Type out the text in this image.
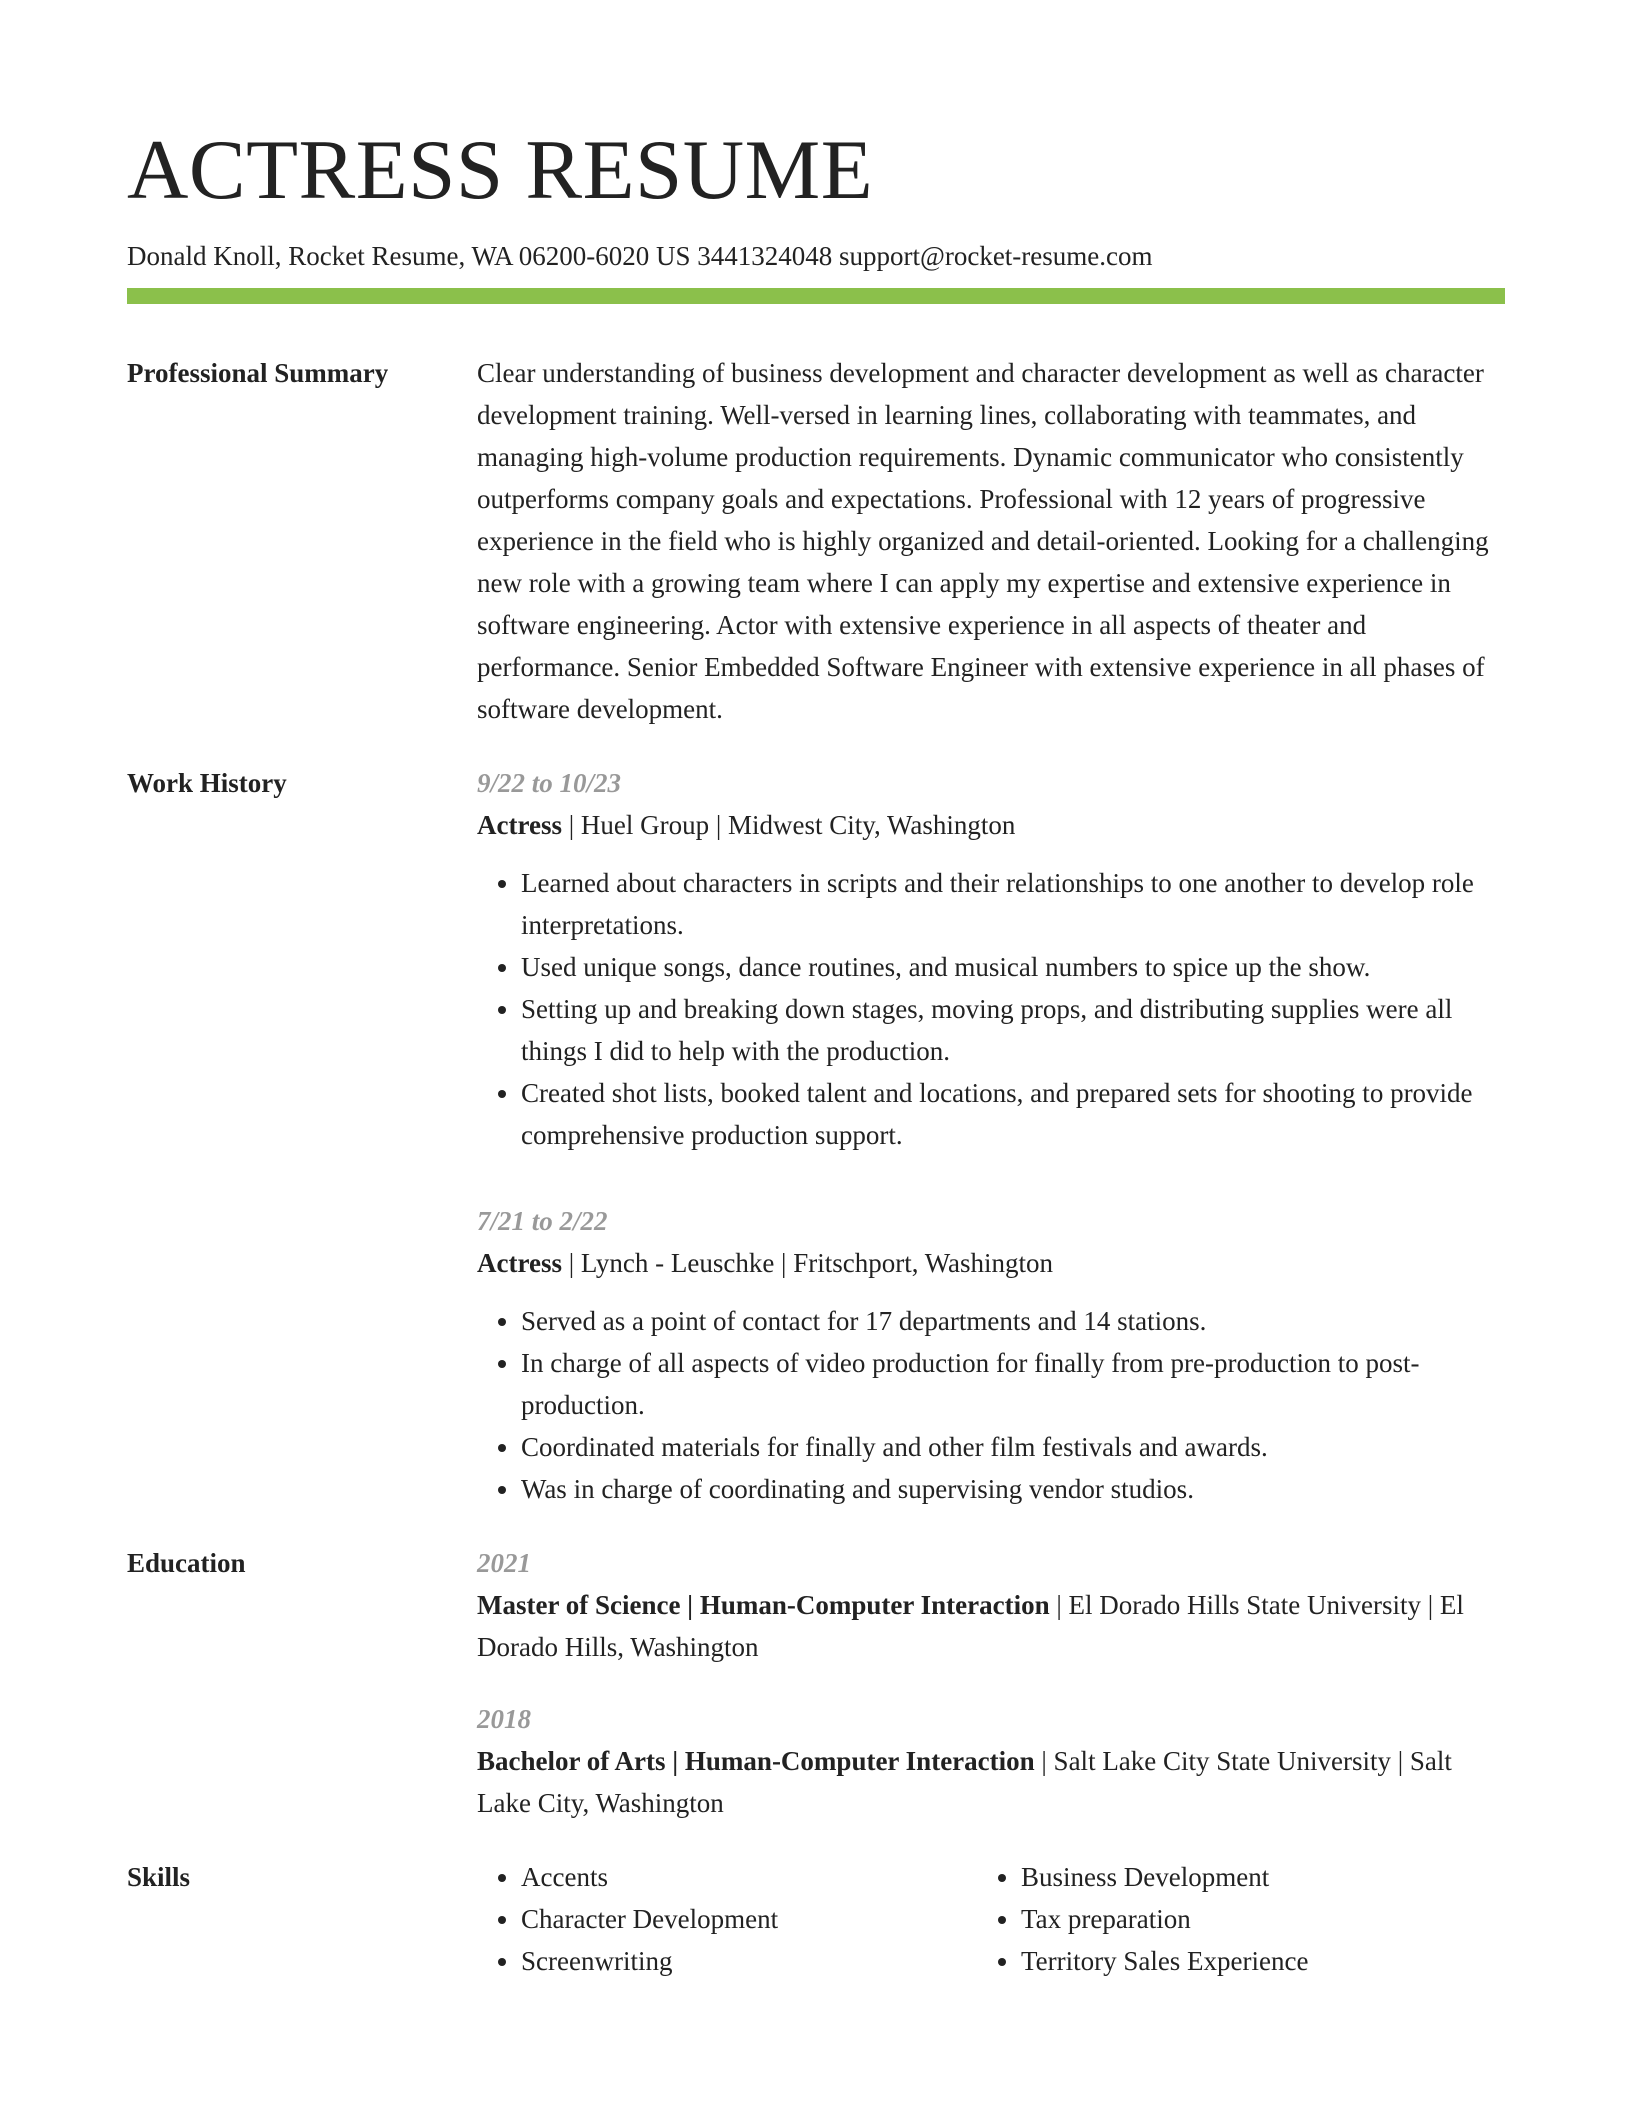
ACTRESS RESUME
Donald Knoll, Rocket Resume, WA 06200-6020 US 3441324048 support@rocket-resume.com
Professional Summary	Clear understanding of business development and character development as well as character development training. Well-versed in learning lines, collaborating with teammates, and managing high-volume production requirements. Dynamic communicator who consistently outperforms company goals and expectations. Professional with 12 years of progressive experience in the field who is highly organized and detail-oriented. Looking for a challenging new role with a growing team where I can apply my expertise and extensive experience in software engineering. Actor with extensive experience in all aspects of theater and performance. Senior Embedded Software Engineer with extensive experience in all phases of software development.
Work History	9/22 to 10/23
Actress | Huel Group | Midwest City, Washington
• Learned about characters in scripts and their relationships to one another to develop role interpretations.
• Used unique songs, dance routines, and musical numbers to spice up the show.
• Setting up and breaking down stages, moving props, and distributing supplies were all things I did to help with the production.
• Created shot lists, booked talent and locations, and prepared sets for shooting to provide comprehensive production support.
7/21 to 2/22
Actress | Lynch - Leuschke | Fritschport, Washington
• Served as a point of contact for 17 departments and 14 stations.
• In charge of all aspects of video production for finally from pre-production to post-production.
• Coordinated materials for finally and other film festivals and awards.
• Was in charge of coordinating and supervising vendor studios.
Education	2021
Master of Science | Human-Computer Interaction | El Dorado Hills State University | El Dorado Hills, Washington
2018
Bachelor of Arts | Human-Computer Interaction | Salt Lake City State University | Salt Lake City, Washington
Skills
•	Accents
• Character Development
• Screenwriting
• Business Development
• Tax preparation
• Territory Sales Experience
